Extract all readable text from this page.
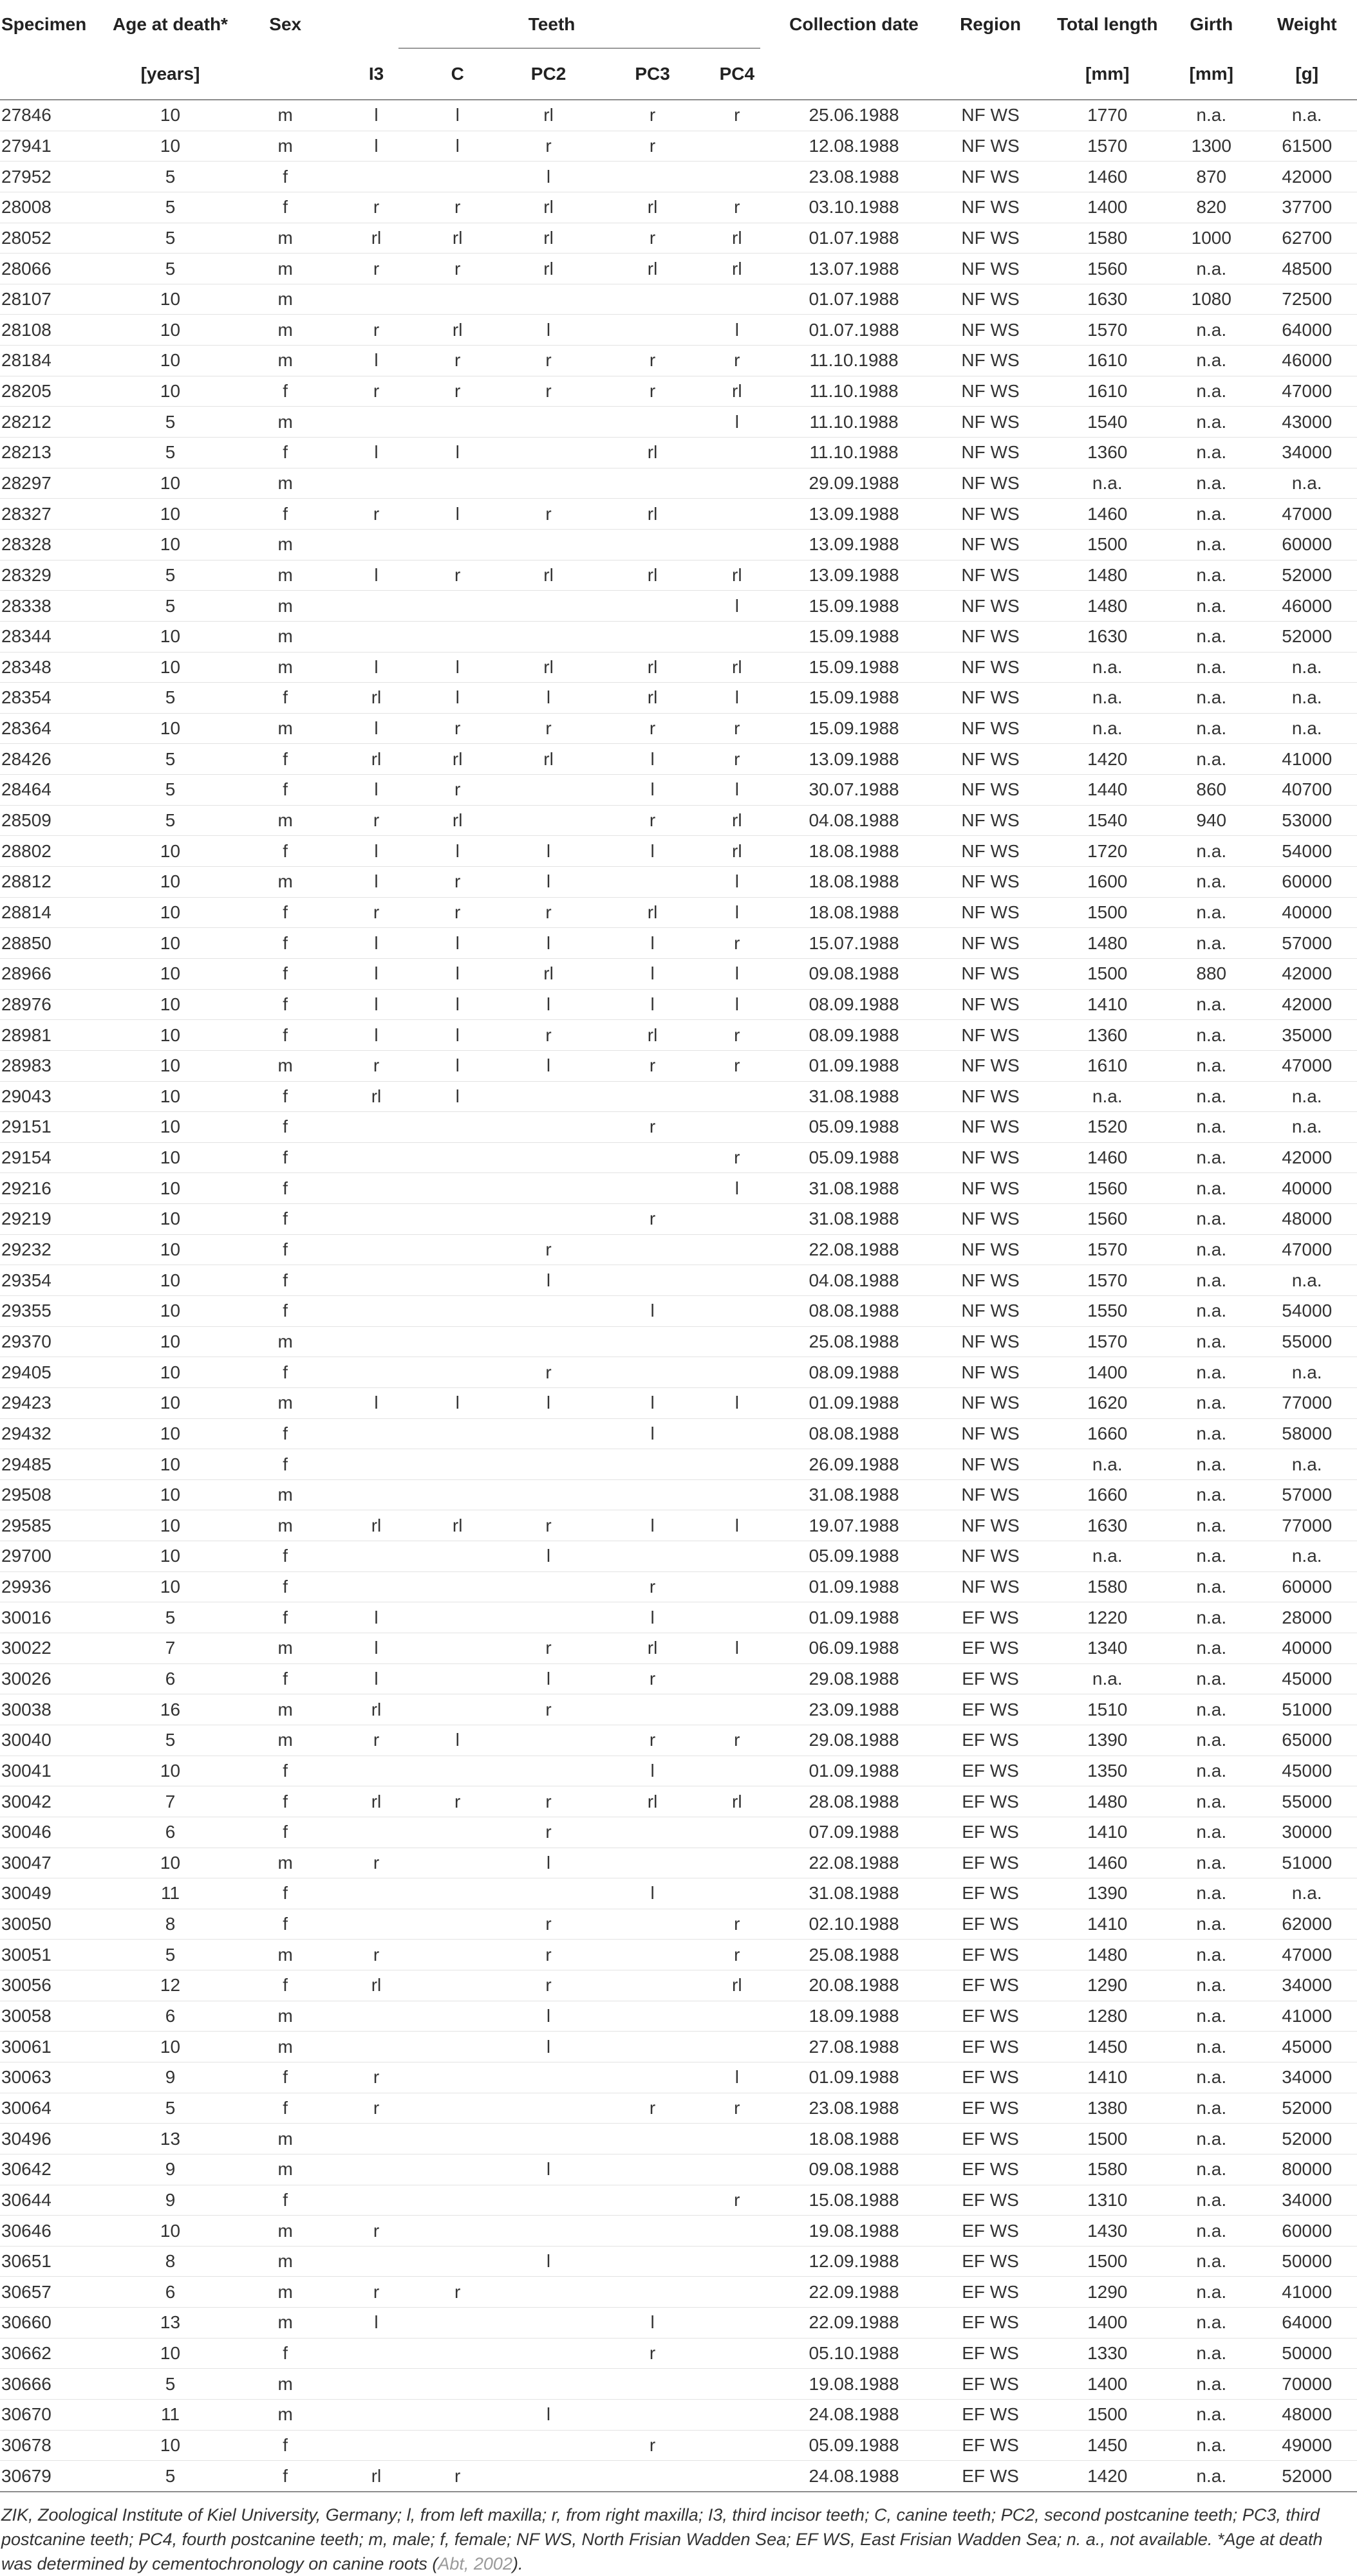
Specimen	Age at death*	Sex	Teeth					Collection date	Region	Total length	Girth	Weight
	[years]		I3	C	PC2	PC3	PC4			[mm]	[mm]	[g]
27846	10	m	l	l	rl	r	r	25.06.1988	NF WS	1770	n.a.	n.a.
27941	10	m	l	l	r	r		12.08.1988	NF WS	1570	1300	61500
27952	5	f			l			23.08.1988	NF WS	1460	870	42000
28008	5	f	r	r	rl	rl	r	03.10.1988	NF WS	1400	820	37700
28052	5	m	rl	rl	rl	r	rl	01.07.1988	NF WS	1580	1000	62700
28066	5	m	r	r	rl	rl	rl	13.07.1988	NF WS	1560	n.a.	48500
28107	10	m						01.07.1988	NF WS	1630	1080	72500
28108	10	m	r	rl	l		l	01.07.1988	NF WS	1570	n.a.	64000
28184	10	m	l	r	r	r	r	11.10.1988	NF WS	1610	n.a.	46000
28205	10	f	r	r	r	r	rl	11.10.1988	NF WS	1610	n.a.	47000
28212	5	m					l	11.10.1988	NF WS	1540	n.a.	43000
28213	5	f	l	l		rl		11.10.1988	NF WS	1360	n.a.	34000
28297	10	m						29.09.1988	NF WS	n.a.	n.a.	n.a.
28327	10	f	r	l	r	rl		13.09.1988	NF WS	1460	n.a.	47000
28328	10	m						13.09.1988	NF WS	1500	n.a.	60000
28329	5	m	l	r	rl	rl	rl	13.09.1988	NF WS	1480	n.a.	52000
28338	5	m					l	15.09.1988	NF WS	1480	n.a.	46000
28344	10	m						15.09.1988	NF WS	1630	n.a.	52000
28348	10	m	l	l	rl	rl	rl	15.09.1988	NF WS	n.a.	n.a.	n.a.
28354	5	f	rl	l	l	rl	l	15.09.1988	NF WS	n.a.	n.a.	n.a.
28364	10	m	l	r	r	r	r	15.09.1988	NF WS	n.a.	n.a.	n.a.
28426	5	f	rl	rl	rl	l	r	13.09.1988	NF WS	1420	n.a.	41000
28464	5	f	l	r		l	l	30.07.1988	NF WS	1440	860	40700
28509	5	m	r	rl		r	rl	04.08.1988	NF WS	1540	940	53000
28802	10	f	l	l	l	l	rl	18.08.1988	NF WS	1720	n.a.	54000
28812	10	m	l	r	l		l	18.08.1988	NF WS	1600	n.a.	60000
28814	10	f	r	r	r	rl	l	18.08.1988	NF WS	1500	n.a.	40000
28850	10	f	l	l	l	l	r	15.07.1988	NF WS	1480	n.a.	57000
28966	10	f	l	l	rl	l	l	09.08.1988	NF WS	1500	880	42000
28976	10	f	l	l	l	l	l	08.09.1988	NF WS	1410	n.a.	42000
28981	10	f	l	l	r	rl	r	08.09.1988	NF WS	1360	n.a.	35000
28983	10	m	r	l	l	r	r	01.09.1988	NF WS	1610	n.a.	47000
29043	10	f	rl	l				31.08.1988	NF WS	n.a.	n.a.	n.a.
29151	10	f				r		05.09.1988	NF WS	1520	n.a.	n.a.
29154	10	f					r	05.09.1988	NF WS	1460	n.a.	42000
29216	10	f					l	31.08.1988	NF WS	1560	n.a.	40000
29219	10	f				r		31.08.1988	NF WS	1560	n.a.	48000
29232	10	f			r			22.08.1988	NF WS	1570	n.a.	47000
29354	10	f			l			04.08.1988	NF WS	1570	n.a.	n.a.
29355	10	f				l		08.08.1988	NF WS	1550	n.a.	54000
29370	10	m						25.08.1988	NF WS	1570	n.a.	55000
29405	10	f			r			08.09.1988	NF WS	1400	n.a.	n.a.
29423	10	m	l	l	l	l	l	01.09.1988	NF WS	1620	n.a.	77000
29432	10	f				l		08.08.1988	NF WS	1660	n.a.	58000
29485	10	f						26.09.1988	NF WS	n.a.	n.a.	n.a.
29508	10	m						31.08.1988	NF WS	1660	n.a.	57000
29585	10	m	rl	rl	r	l	l	19.07.1988	NF WS	1630	n.a.	77000
29700	10	f			l			05.09.1988	NF WS	n.a.	n.a.	n.a.
29936	10	f				r		01.09.1988	NF WS	1580	n.a.	60000
30016	5	f	l			l		01.09.1988	EF WS	1220	n.a.	28000
30022	7	m	l		r	rl	l	06.09.1988	EF WS	1340	n.a.	40000
30026	6	f	l		l	r		29.08.1988	EF WS	n.a.	n.a.	45000
30038	16	m	rl		r			23.09.1988	EF WS	1510	n.a.	51000
30040	5	m	r	l		r	r	29.08.1988	EF WS	1390	n.a.	65000
30041	10	f				l		01.09.1988	EF WS	1350	n.a.	45000
30042	7	f	rl	r	r	rl	rl	28.08.1988	EF WS	1480	n.a.	55000
30046	6	f			r			07.09.1988	EF WS	1410	n.a.	30000
30047	10	m	r		l			22.08.1988	EF WS	1460	n.a.	51000
30049	11	f				l		31.08.1988	EF WS	1390	n.a.	n.a.
30050	8	f			r		r	02.10.1988	EF WS	1410	n.a.	62000
30051	5	m	r		r		r	25.08.1988	EF WS	1480	n.a.	47000
30056	12	f	rl		r		rl	20.08.1988	EF WS	1290	n.a.	34000
30058	6	m			l			18.09.1988	EF WS	1280	n.a.	41000
30061	10	m			l			27.08.1988	EF WS	1450	n.a.	45000
30063	9	f	r				l	01.09.1988	EF WS	1410	n.a.	34000
30064	5	f	r			r	r	23.08.1988	EF WS	1380	n.a.	52000
30496	13	m						18.08.1988	EF WS	1500	n.a.	52000
30642	9	m			l			09.08.1988	EF WS	1580	n.a.	80000
30644	9	f					r	15.08.1988	EF WS	1310	n.a.	34000
30646	10	m	r					19.08.1988	EF WS	1430	n.a.	60000
30651	8	m			l			12.09.1988	EF WS	1500	n.a.	50000
30657	6	m	r	r				22.09.1988	EF WS	1290	n.a.	41000
30660	13	m	l			l		22.09.1988	EF WS	1400	n.a.	64000
30662	10	f				r		05.10.1988	EF WS	1330	n.a.	50000
30666	5	m						19.08.1988	EF WS	1400	n.a.	70000
30670	11	m			l			24.08.1988	EF WS	1500	n.a.	48000
30678	10	f				r		05.09.1988	EF WS	1450	n.a.	49000
30679	5	f	rl	r				24.08.1988	EF WS	1420	n.a.	52000
ZIK, Zoological Institute of Kiel University, Germany; l, from left maxilla; r, from right maxilla; I3, third incisor teeth; C, canine teeth; PC2, second postcanine teeth; PC3, third postcanine teeth; PC4, fourth postcanine teeth; m, male; f, female; NF WS, North Frisian Wadden Sea; EF WS, East Frisian Wadden Sea; n. a., not available. *Age at death was determined by cementochronology on canine roots (Abt, 2002).
